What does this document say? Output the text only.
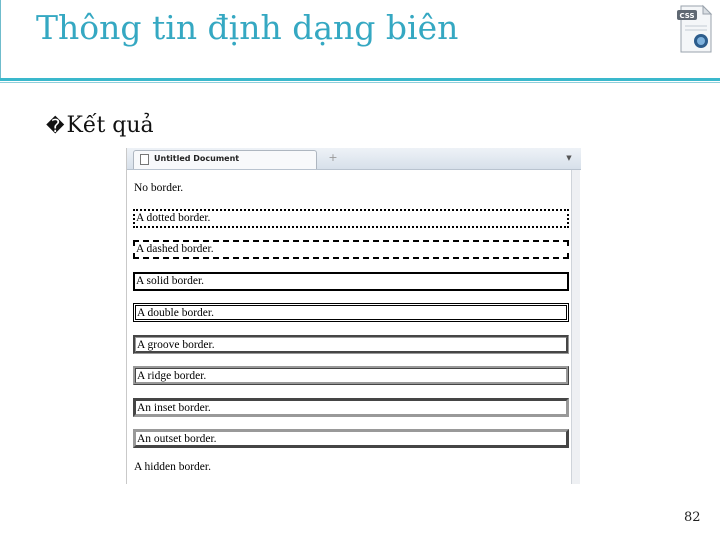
Thông tin định dạng biên	CSS
�Kết quả
Untitled Document	+	▼
No border.
A dotted border.
A dashed border.
A solid border.
A double border.
A groove border.
A ridge border.
An inset border.
An outset border.
A hidden border.
82
